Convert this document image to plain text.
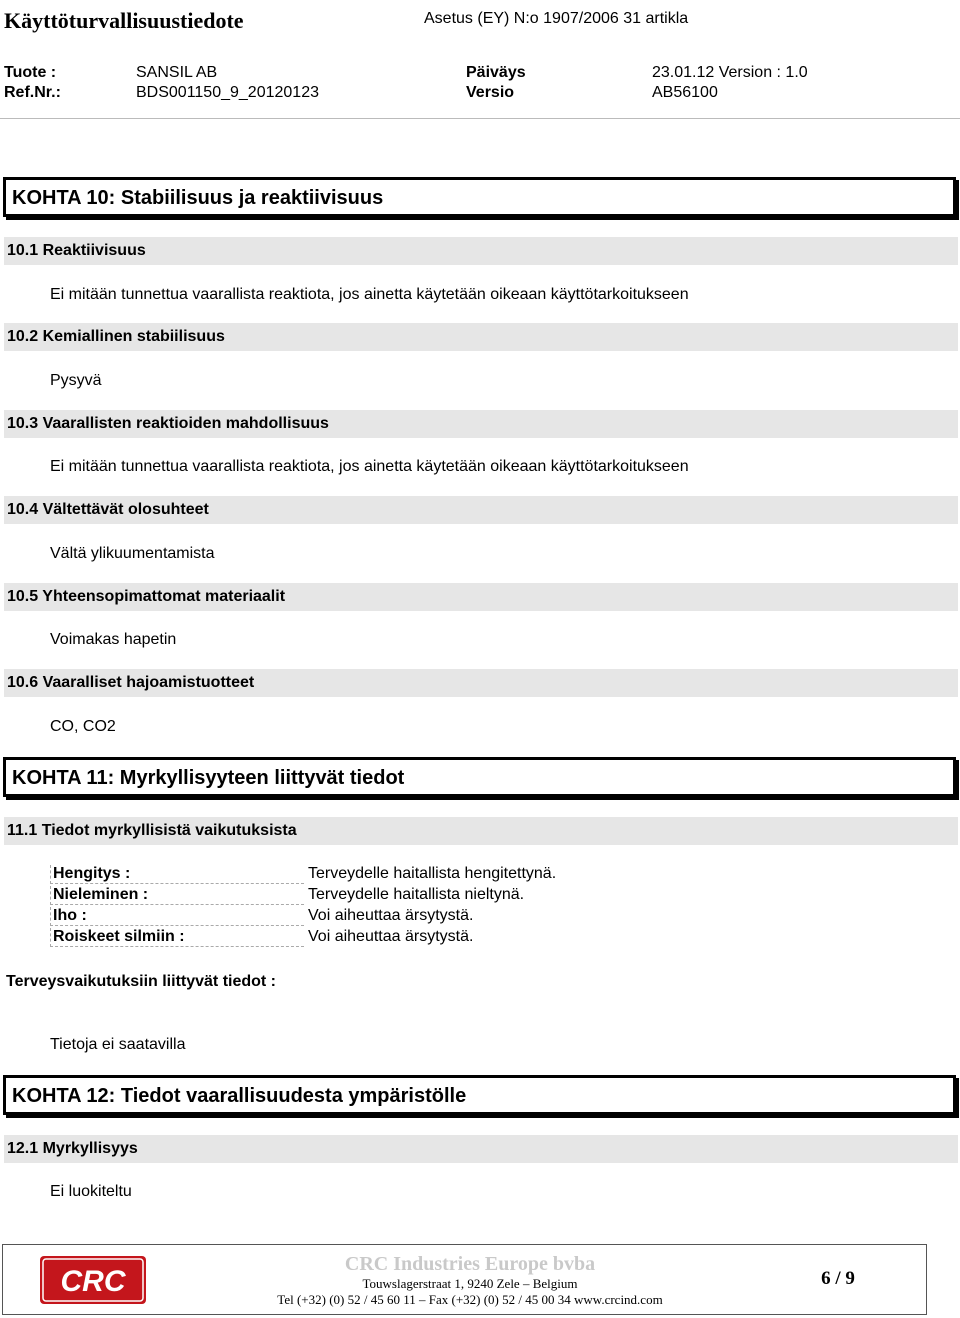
Käyttöturvallisuustiedote	Asetus (EY) N:o 1907/2006 31 artikla
Tuote :	SANSIL AB
Ref.Nr.:	BDS001150_9_20120123
Päiväys	23.01.12 Version : 1.0
Versio	AB56100
KOHTA 10: Stabiilisuus ja reaktiivisuus
10.1 Reaktiivisuus
Ei mitään tunnettua vaarallista reaktiota, jos ainetta käytetään oikeaan käyttötarkoitukseen
10.2 Kemiallinen stabiilisuus
Pysyvä
10.3 Vaarallisten reaktioiden mahdollisuus
Ei mitään tunnettua vaarallista reaktiota, jos ainetta käytetään oikeaan käyttötarkoitukseen
10.4 Vältettävät olosuhteet
Vältä ylikuumentamista
10.5 Yhteensopimattomat materiaalit
Voimakas hapetin
10.6 Vaaralliset hajoamistuotteet
CO, CO2
KOHTA 11: Myrkyllisyyteen liittyvät tiedot
11.1 Tiedot myrkyllisistä vaikutuksista
Hengitys :	Terveydelle haitallista hengitettynä.
Nieleminen :	Terveydelle haitallista nieltynä.
Iho :	Voi aiheuttaa ärsytystä.
Roiskeet silmiin :	Voi aiheuttaa ärsytystä.
Terveysvaikutuksiin liittyvät tiedot :
Tietoja ei saatavilla
KOHTA 12: Tiedot vaarallisuudesta ympäristölle
12.1 Myrkyllisyys
Ei luokiteltu
CRC
CRC Industries Europe bvba
Touwslagerstraat 1, 9240 Zele – Belgium
Tel (+32) (0) 52 / 45 60 11 – Fax (+32) (0) 52 / 45 00 34 www.crcind.com
6 / 9
